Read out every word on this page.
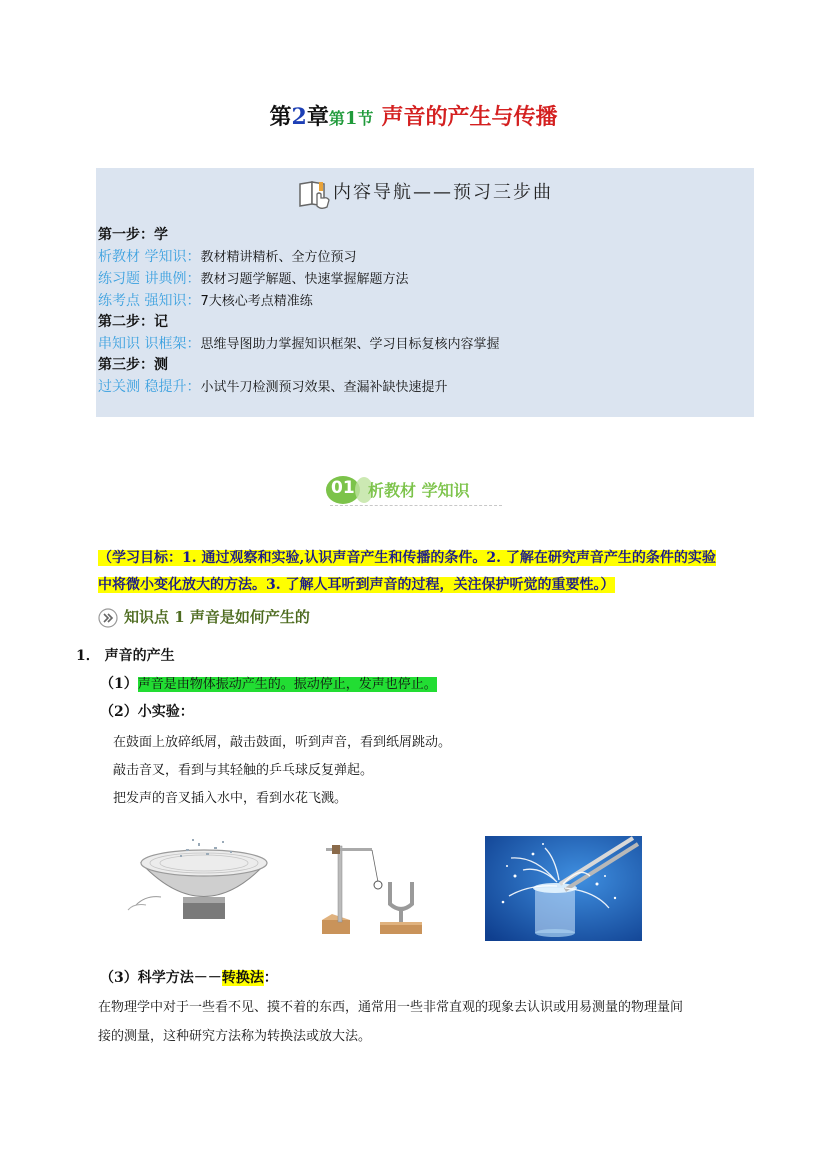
第2章第1节 声音的产生与传播
内容导航——预习三步曲
第一步：学
析教材 学知识：教材精讲精析、全方位预习
练习题 讲典例：教材习题学解题、快速掌握解题方法
练考点 强知识：7大核心考点精准练
第二步：记
串知识 识框架：思维导图助力掌握知识框架、学习目标复核内容掌握
第三步：测
过关测 稳提升：小试牛刀检测预习效果、查漏补缺快速提升
01 析教材 学知识
（学习目标：1. 通过观察和实验,认识声音产生和传播的条件。2. 了解在研究声音产生的条件的实验
中将微小变化放大的方法。3. 了解人耳听到声音的过程，关注保护听觉的重要性。）
知识点 1 声音是如何产生的
1． 声音的产生
（1）声音是由物体振动产生的。振动停止，发声也停止。
（2）小实验：
在鼓面上放碎纸屑，敲击鼓面，听到声音，看到纸屑跳动。
敲击音叉，看到与其轻触的乒乓球反复弹起。
把发声的音叉插入水中，看到水花飞溅。
（3）科学方法－－转换法：
在物理学中对于一些看不见、摸不着的东西，通常用一些非常直观的现象去认识或用易测量的物理量间
接的测量，这种研究方法称为转换法或放大法。
